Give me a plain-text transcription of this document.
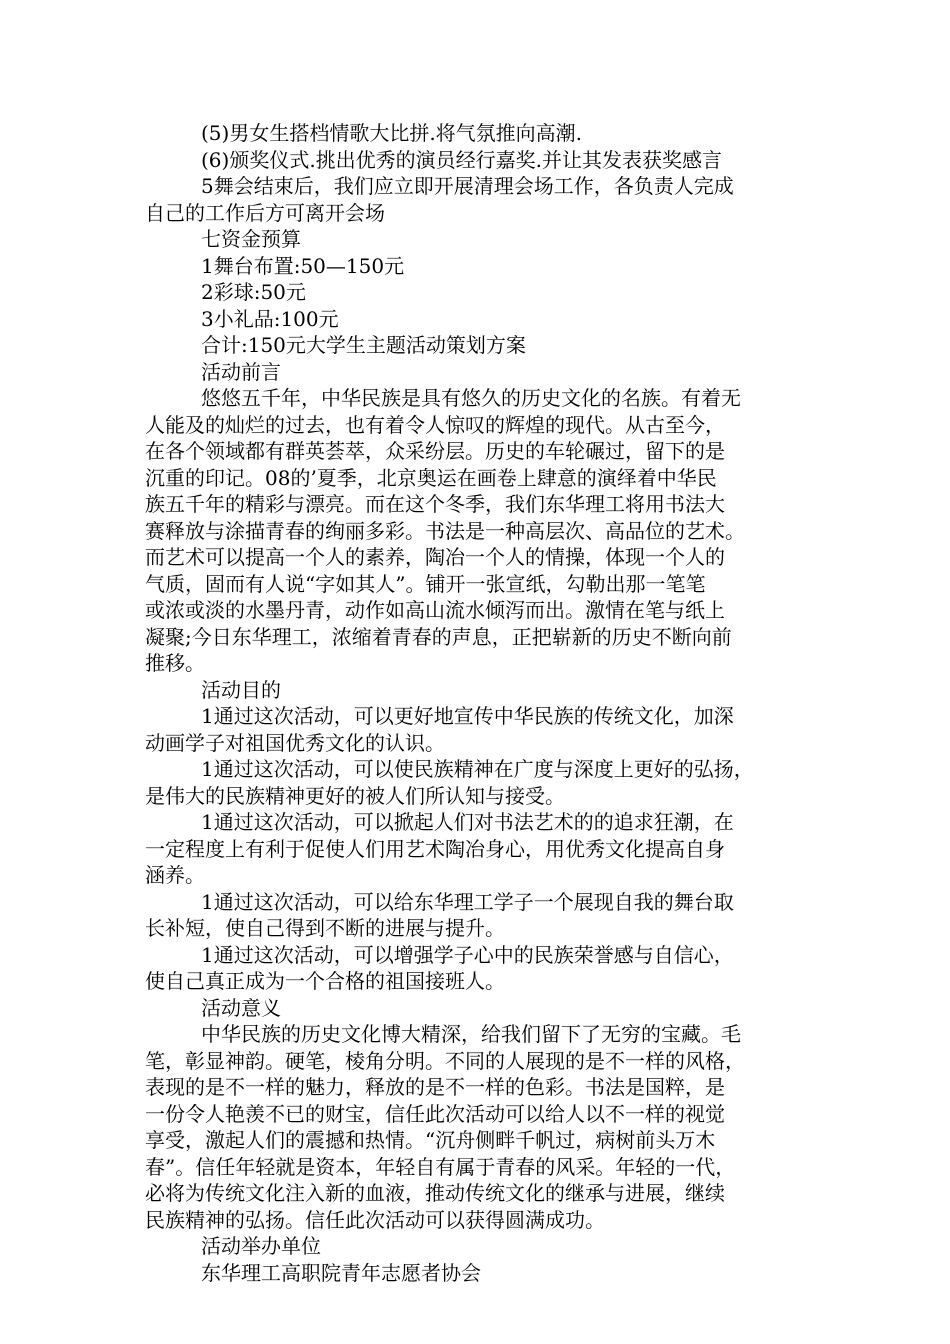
(5)男女生搭档情歌大比拼.将气氛推向高潮.

(6)颁奖仪式.挑出优秀的演员经行嘉奖.并让其发表获奖感言

5舞会结束后，我们应立即开展清理会场工作，各负责人完成

自己的工作后方可离开会场

七资金预算

1舞台布置:50—150元

2彩球:50元

3小礼品:100元

合计:150元大学生主题活动策划方案

活动前言

悠悠五千年，中华民族是具有悠久的历史文化的名族。有着无

人能及的灿烂的过去，也有着令人惊叹的辉煌的现代。从古至今，

在各个领域都有群英荟萃，众采纷层。历史的车轮碾过，留下的是

沉重的印记。08的’夏季，北京奥运在画卷上肆意的演绎着中华民

族五千年的精彩与漂亮。而在这个冬季，我们东华理工将用书法大

赛释放与涂描青春的绚丽多彩。书法是一种高层次、高品位的艺术。

而艺术可以提高一个人的素养，陶冶一个人的情操，体现一个人的

气质，固而有人说“字如其人”。铺开一张宣纸，勾勒出那一笔笔

或浓或淡的水墨丹青，动作如高山流水倾泻而出。激情在笔与纸上

凝聚;今日东华理工，浓缩着青春的声息，正把崭新的历史不断向前

推移。

活动目的

1通过这次活动，可以更好地宣传中华民族的传统文化，加深

动画学子对祖国优秀文化的认识。

1通过这次活动，可以使民族精神在广度与深度上更好的弘扬，

是伟大的民族精神更好的被人们所认知与接受。

1通过这次活动，可以掀起人们对书法艺术的的追求狂潮，在

一定程度上有利于促使人们用艺术陶冶身心，用优秀文化提高自身

涵养。

1通过这次活动，可以给东华理工学子一个展现自我的舞台取

长补短，使自己得到不断的进展与提升。

1通过这次活动，可以增强学子心中的民族荣誉感与自信心，

使自己真正成为一个合格的祖国接班人。

活动意义

中华民族的历史文化博大精深，给我们留下了无穷的宝藏。毛

笔，彰显神韵。硬笔，棱角分明。不同的人展现的是不一样的风格，

表现的是不一样的魅力，释放的是不一样的色彩。书法是国粹，是

一份令人艳羡不已的财宝，信任此次活动可以给人以不一样的视觉

享受，激起人们的震撼和热情。“沉舟侧畔千帆过，病树前头万木

春”。信任年轻就是资本，年轻自有属于青春的风采。年轻的一代，

必将为传统文化注入新的血液，推动传统文化的继承与进展，继续

民族精神的弘扬。信任此次活动可以获得圆满成功。

活动举办单位

东华理工高职院青年志愿者协会
